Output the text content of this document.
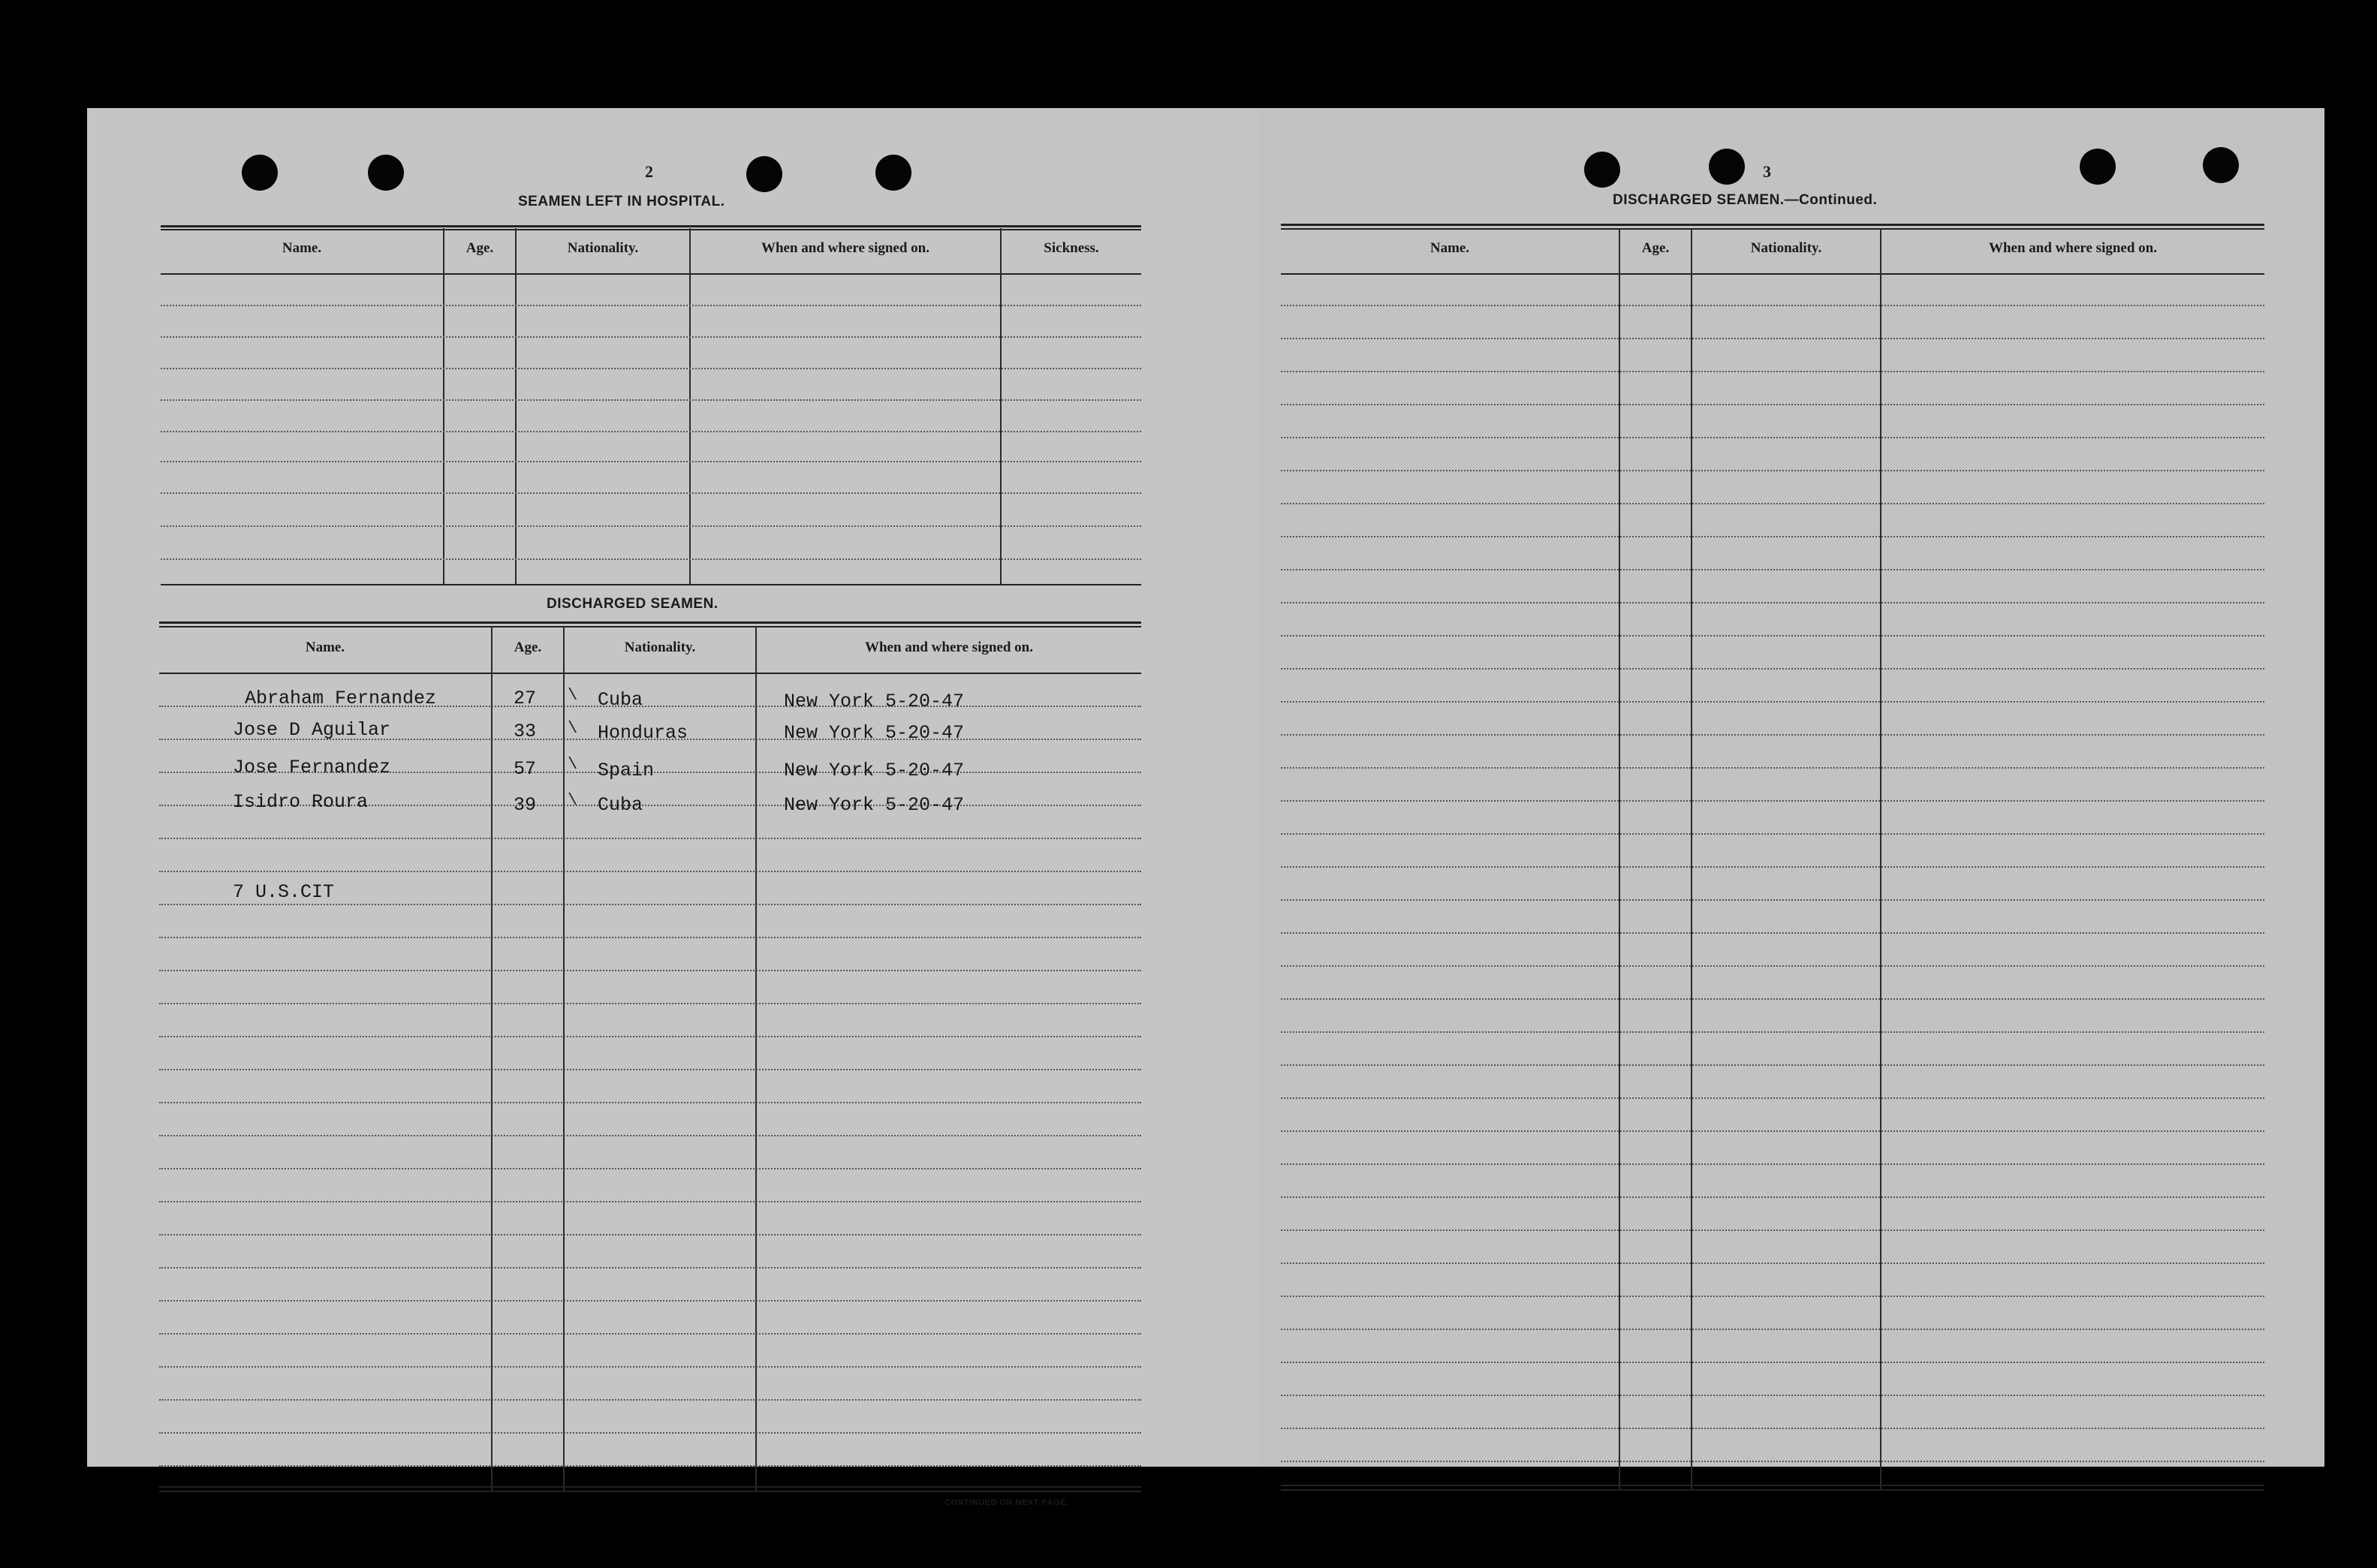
2
SEAMEN LEFT IN HOSPITAL.
Name.	Age.	Nationality.	When and where signed on.	Sickness.
DISCHARGED SEAMEN.
Name.	Age.	Nationality.	When and where signed on.
Abraham Fernandez	27 \ Cuba	New York 5-20-47
Jose D Aguilar	33 \ Honduras	New York 5-20-47
Jose Fernandez	57 \ Spain	New York 5-20-47
Isidro Roura	39 \ Cuba	New York 5-20-47
7 U.S.CIT
CONTINUED ON NEXT PAGE.
3
DISCHARGED SEAMEN.—Continued.
Name.	Age.	Nationality.	When and where signed on.
